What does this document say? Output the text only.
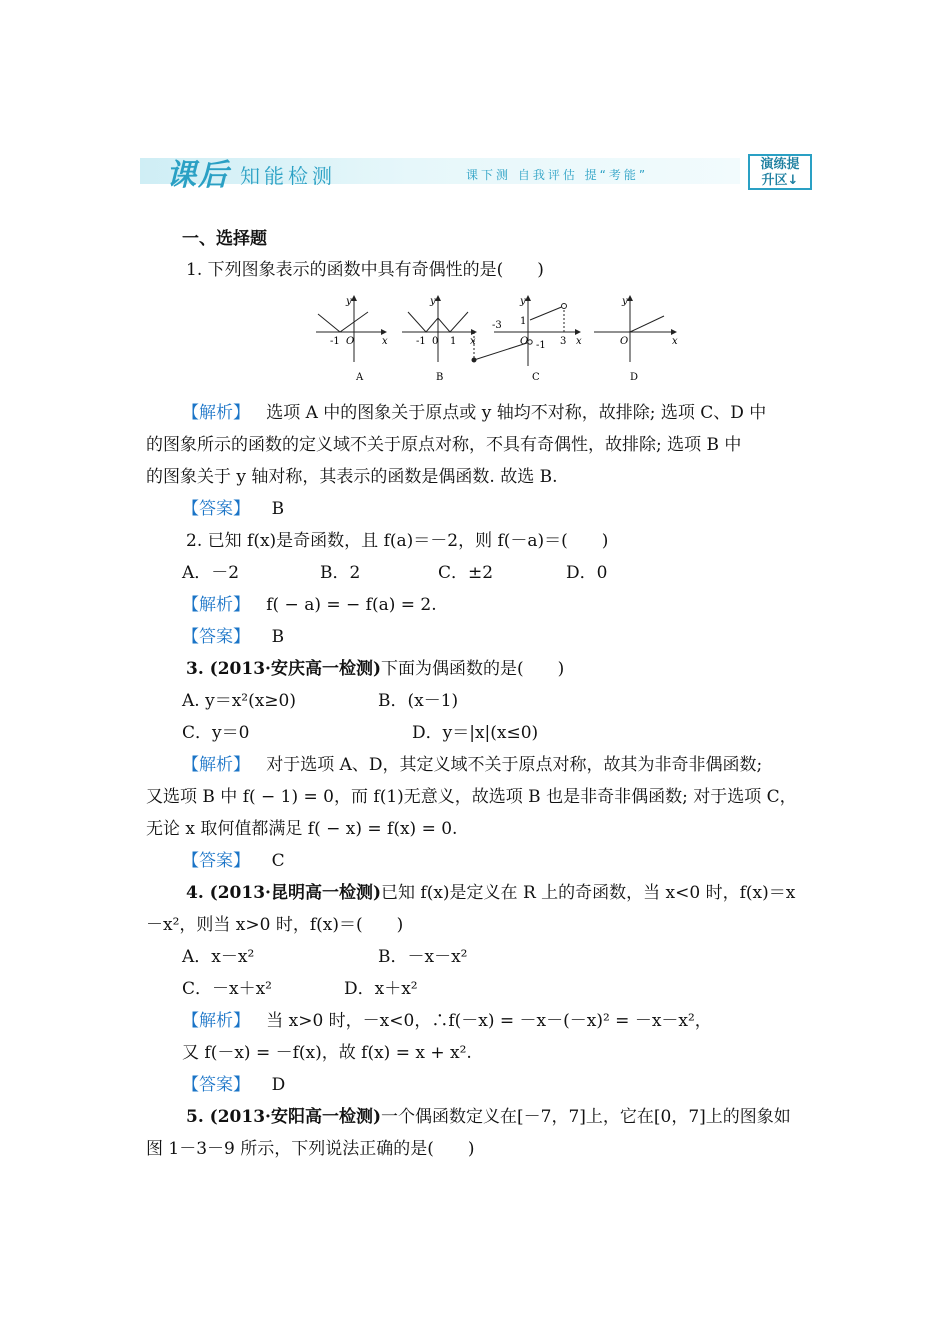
课后 知能检测	课下测 自我评估 提“考能”
演练提
升区↓
一、选择题
1. 下列图象表示的函数中具有奇偶性的是(　　)
-1 O	x
y
A
-1 0 1 x
y
B
-3 1
O -1 3 x
y
C
O	x
y
D
【解析】 选项 A 中的图象关于原点或 y 轴均不对称，故排除; 选项 C、D 中
的图象所示的函数的定义域不关于原点对称，不具有奇偶性，故排除; 选项 B 中
的图象关于 y 轴对称，其表示的函数是偶函数. 故选 B.
【答案】 B
2. 已知 f(x)是奇函数，且 f(a)＝－2，则 f(－a)＝(　　)
A．－2	B．2	C．±2	D．0
【解析】 f( − a) = − f(a) = 2.
【答案】 B
3. (2013·安庆高一检测)下面为偶函数的是(　　)
A. y＝x²(x≥0)	B．(x－1)
C．y＝0	D．y＝|x|(x≤0)
【解析】 对于选项 A、D，其定义域不关于原点对称，故其为非奇非偶函数;
又选项 B 中 f( − 1) = 0，而 f(1)无意义，故选项 B 也是非奇非偶函数; 对于选项 C，
无论 x 取何值都满足 f( − x) = f(x) = 0.
【答案】 C
4. (2013·昆明高一检测)已知 f(x)是定义在 R 上的奇函数，当 x<0 时，f(x)＝x
－x²，则当 x>0 时，f(x)＝(　　)
A．x－x²	B．－x－x²
C．－x＋x²	D．x＋x²
【解析】 当 x>0 时，－x<0，∴f(－x) = －x－(－x)² = －x－x²，
又 f(－x) = －f(x)，故 f(x) = x + x².
【答案】 D
5. (2013·安阳高一检测)一个偶函数定义在[－7，7]上，它在[0，7]上的图象如
图 1－3－9 所示，下列说法正确的是(　　)
